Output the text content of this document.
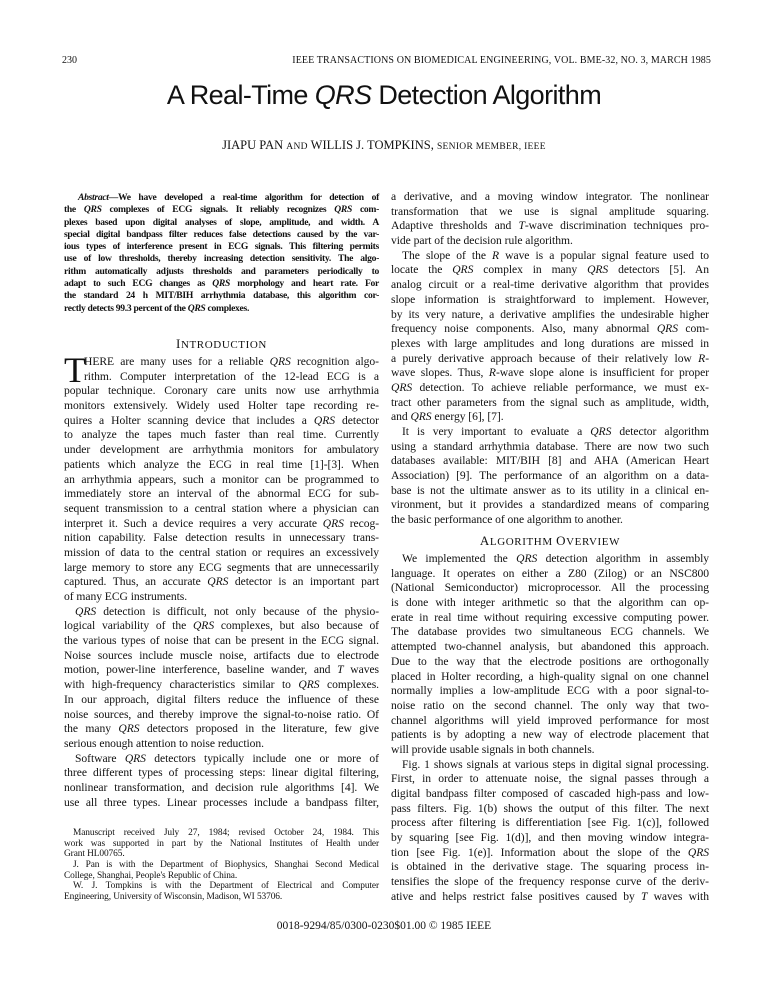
230	IEEE TRANSACTIONS ON BIOMEDICAL ENGINEERING, VOL. BME-32, NO. 3, MARCH 1985
A Real-Time QRS Detection Algorithm
JIAPU PAN AND WILLIS J. TOMPKINS, SENIOR MEMBER, IEEE
Abstract—We have developed a real-time algorithm for detection of
the QRS complexes of ECG signals. It reliably recognizes QRS com-
plexes based upon digital analyses of slope, amplitude, and width. A
special digital bandpass filter reduces false detections caused by the var-
ious types of interference present in ECG signals. This filtering permits
use of low thresholds, thereby increasing detection sensitivity. The algo-
rithm automatically adjusts thresholds and parameters periodically to
adapt to such ECG changes as QRS morphology and heart rate. For
the standard 24 h MIT/BIH arrhythmia database, this algorithm cor-
rectly detects 99.3 percent of the QRS complexes.
INTRODUCTION
T
HERE are many uses for a reliable QRS recognition algo-
rithm. Computer interpretation of the 12-lead ECG is a
popular technique. Coronary care units now use arrhythmia
monitors extensively. Widely used Holter tape recording re-
quires a Holter scanning device that includes a QRS detector
to analyze the tapes much faster than real time. Currently
under development are arrhythmia monitors for ambulatory
patients which analyze the ECG in real time [1]-[3]. When
an arrhythmia appears, such a monitor can be programmed to
immediately store an interval of the abnormal ECG for sub-
sequent transmission to a central station where a physician can
interpret it. Such a device requires a very accurate QRS recog-
nition capability. False detection results in unnecessary trans-
mission of data to the central station or requires an excessively
large memory to store any ECG segments that are unnecessarily
captured. Thus, an accurate QRS detector is an important part
of many ECG instruments.
QRS detection is difficult, not only because of the physio-
logical variability of the QRS complexes, but also because of
the various types of noise that can be present in the ECG signal.
Noise sources include muscle noise, artifacts due to electrode
motion, power-line interference, baseline wander, and T waves
with high-frequency characteristics similar to QRS complexes.
In our approach, digital filters reduce the influence of these
noise sources, and thereby improve the signal-to-noise ratio. Of
the many QRS detectors proposed in the literature, few give
serious enough attention to noise reduction.
Software QRS detectors typically include one or more of
three different types of processing steps: linear digital filtering,
nonlinear transformation, and decision rule algorithms [4]. We
use all three types. Linear processes include a bandpass filter,
Manuscript received July 27, 1984; revised October 24, 1984. This
work was supported in part by the National Institutes of Health under
Grant HL00765.
J. Pan is with the Department of Biophysics, Shanghai Second Medical
College, Shanghai, People's Republic of China.
W. J. Tompkins is with the Department of Electrical and Computer
Engineering, University of Wisconsin, Madison, WI 53706.
a derivative, and a moving window integrator. The nonlinear
transformation that we use is signal amplitude squaring.
Adaptive thresholds and T-wave discrimination techniques pro-
vide part of the decision rule algorithm.
The slope of the R wave is a popular signal feature used to
locate the QRS complex in many QRS detectors [5]. An
analog circuit or a real-time derivative algorithm that provides
slope information is straightforward to implement. However,
by its very nature, a derivative amplifies the undesirable higher
frequency noise components. Also, many abnormal QRS com-
plexes with large amplitudes and long durations are missed in
a purely derivative approach because of their relatively low R-
wave slopes. Thus, R-wave slope alone is insufficient for proper
QRS detection. To achieve reliable performance, we must ex-
tract other parameters from the signal such as amplitude, width,
and QRS energy [6], [7].
It is very important to evaluate a QRS detector algorithm
using a standard arrhythmia database. There are now two such
databases available: MIT/BIH [8] and AHA (American Heart
Association) [9]. The performance of an algorithm on a data-
base is not the ultimate answer as to its utility in a clinical en-
vironment, but it provides a standardized means of comparing
the basic performance of one algorithm to another.
ALGORITHM OVERVIEW
We implemented the QRS detection algorithm in assembly
language. It operates on either a Z80 (Zilog) or an NSC800
(National Semiconductor) microprocessor. All the processing
is done with integer arithmetic so that the algorithm can op-
erate in real time without requiring excessive computing power.
The database provides two simultaneous ECG channels. We
attempted two-channel analysis, but abandoned this approach.
Due to the way that the electrode positions are orthogonally
placed in Holter recording, a high-quality signal on one channel
normally implies a low-amplitude ECG with a poor signal-to-
noise ratio on the second channel. The only way that two-
channel algorithms will yield improved performance for most
patients is by adopting a new way of electrode placement that
will provide usable signals in both channels.
Fig. 1 shows signals at various steps in digital signal processing.
First, in order to attenuate noise, the signal passes through a
digital bandpass filter composed of cascaded high-pass and low-
pass filters. Fig. 1(b) shows the output of this filter. The next
process after filtering is differentiation [see Fig. 1(c)], followed
by squaring [see Fig. 1(d)], and then moving window integra-
tion [see Fig. 1(e)]. Information about the slope of the QRS
is obtained in the derivative stage. The squaring process in-
tensifies the slope of the frequency response curve of the deriv-
ative and helps restrict false positives caused by T waves with
0018-9294/85/0300-0230$01.00 © 1985 IEEE
